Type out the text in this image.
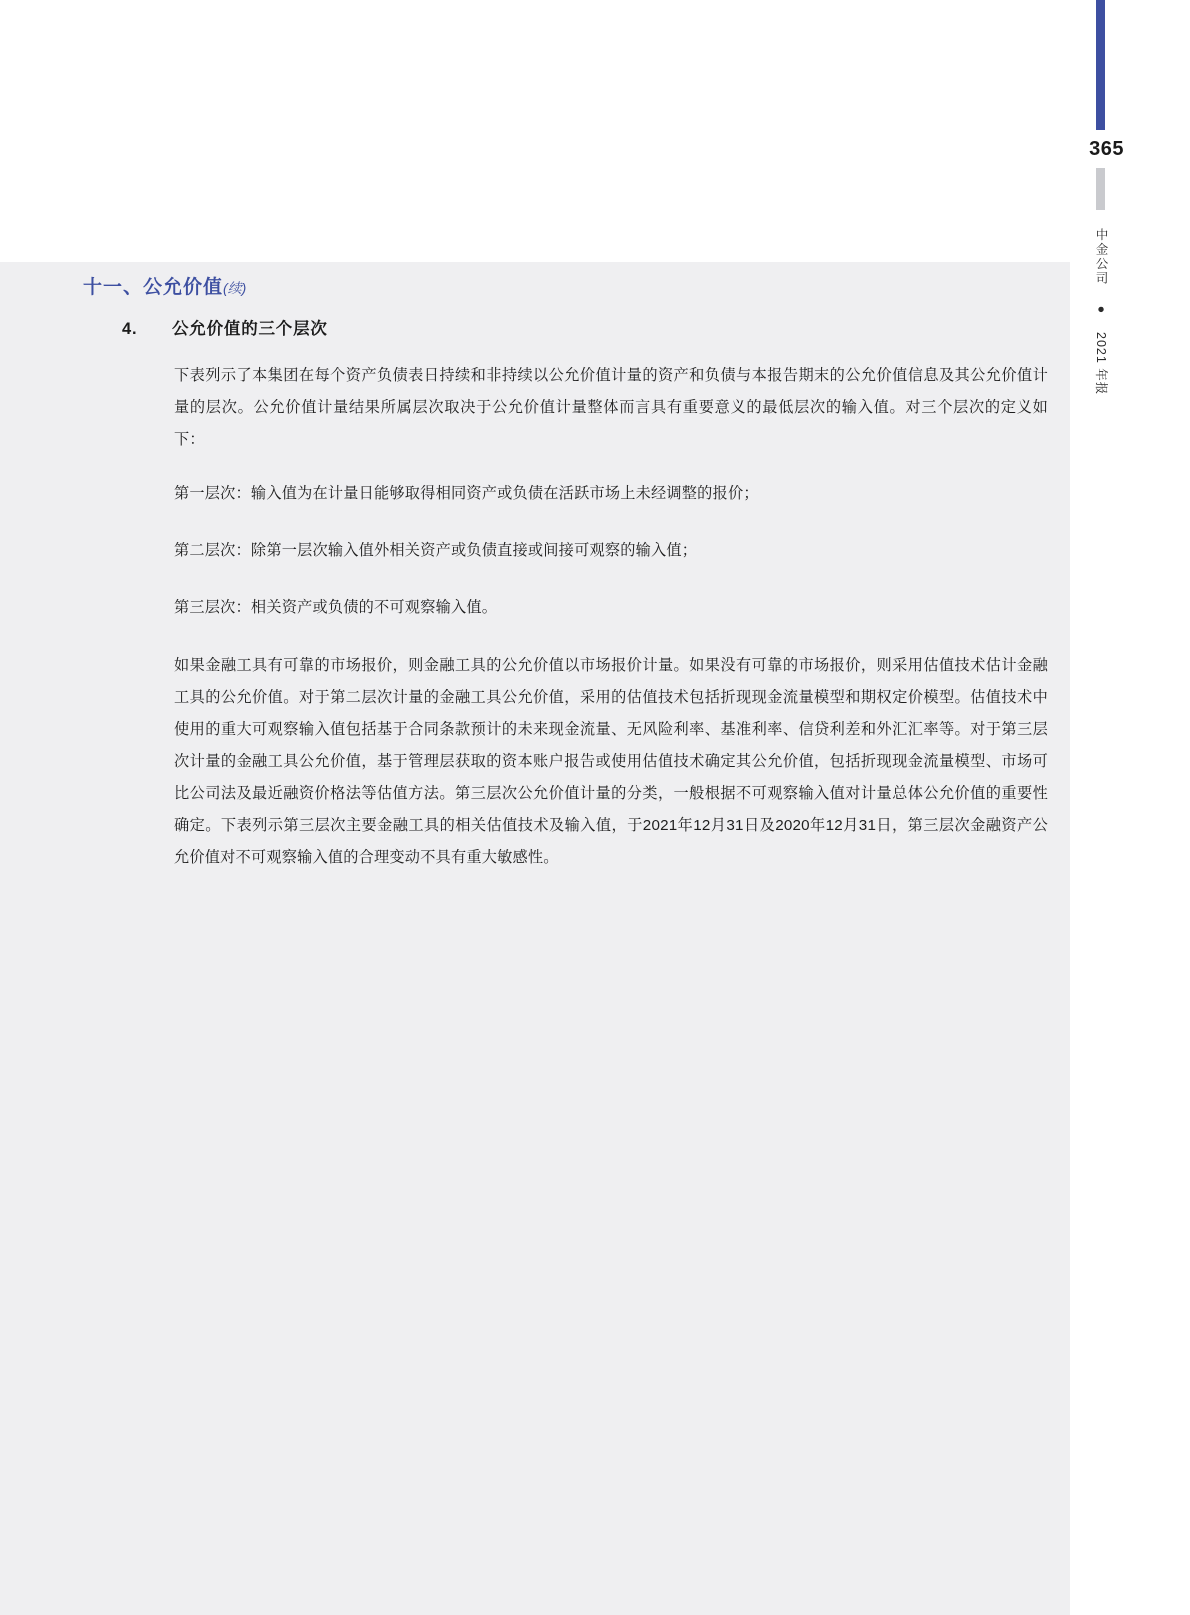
365
中金公司 ● 2021 年报
十一、公允价值(续)
4. 公允价值的三个层次
下表列示了本集团在每个资产负债表日持续和非持续以公允价值计量的资产和负债与本报告期末的公允价值信息及其公允价值计量的层次。公允价值计量结果所属层次取决于公允价值计量整体而言具有重要意义的最低层次的输入值。对三个层次的定义如下：
第一层次：输入值为在计量日能够取得相同资产或负债在活跃市场上未经调整的报价；
第二层次：除第一层次输入值外相关资产或负债直接或间接可观察的输入值；
第三层次：相关资产或负债的不可观察输入值。
如果金融工具有可靠的市场报价，则金融工具的公允价值以市场报价计量。如果没有可靠的市场报价，则采用估值技术估计金融工具的公允价值。对于第二层次计量的金融工具公允价值，采用的估值技术包括折现现金流量模型和期权定价模型。估值技术中使用的重大可观察输入值包括基于合同条款预计的未来现金流量、无风险利率、基准利率、信贷利差和外汇汇率等。对于第三层次计量的金融工具公允价值，基于管理层获取的资本账户报告或使用估值技术确定其公允价值，包括折现现金流量模型、市场可比公司法及最近融资价格法等估值方法。第三层次公允价值计量的分类，一般根据不可观察输入值对计量总体公允价值的重要性确定。下表列示第三层次主要金融工具的相关估值技术及输入值，于2021年12月31日及2020年12月31日，第三层次金融资产公允价值对不可观察输入值的合理变动不具有重大敏感性。
